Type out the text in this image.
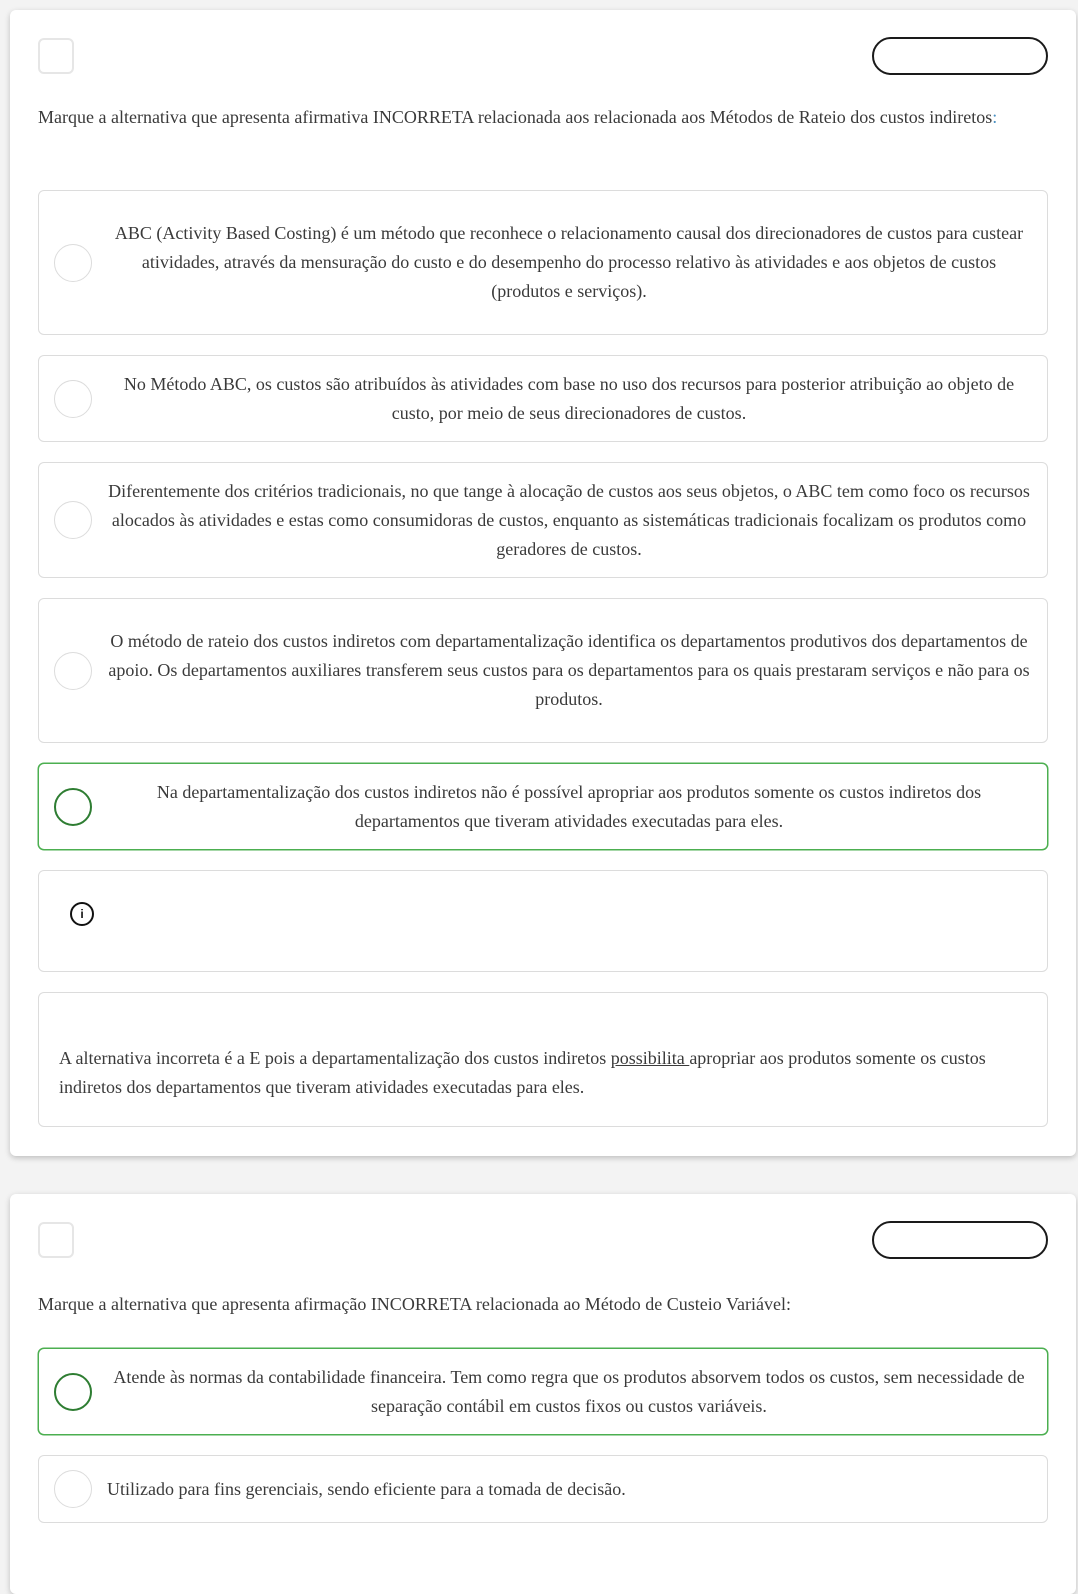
Marque a alternativa que apresenta afirmativa INCORRETA relacionada aos relacionada aos Métodos de Rateio dos custos indiretos:
ABC (Activity Based Costing) é um método que reconhece o relacionamento causal dos direcionadores de custos para custear atividades, através da mensuração do custo e do desempenho do processo relativo às atividades e aos objetos de custos (produtos e serviços).
No Método ABC, os custos são atribuídos às atividades com base no uso dos recursos para posterior atribuição ao objeto de custo, por meio de seus direcionadores de custos.
Diferentemente dos critérios tradicionais, no que tange à alocação de custos aos seus objetos, o ABC tem como foco os recursos alocados às atividades e estas como consumidoras de custos, enquanto as sistemáticas tradicionais focalizam os produtos como geradores de custos.
O método de rateio dos custos indiretos com departamentalização identifica os departamentos produtivos dos departamentos de apoio. Os departamentos auxiliares transferem seus custos para os departamentos para os quais prestaram serviços e não para os produtos.
Na departamentalização dos custos indiretos não é possível apropriar aos produtos somente os custos indiretos dos departamentos que tiveram atividades executadas para eles.
i
A alternativa incorreta é a E pois a departamentalização dos custos indiretos possibilita apropriar aos produtos somente os custos indiretos dos departamentos que tiveram atividades executadas para eles.
Marque a alternativa que apresenta afirmação INCORRETA relacionada ao Método de Custeio Variável:
Atende às normas da contabilidade financeira. Tem como regra que os produtos absorvem todos os custos, sem necessidade de separação contábil em custos fixos ou custos variáveis.
Utilizado para fins gerenciais, sendo eficiente para a tomada de decisão.
